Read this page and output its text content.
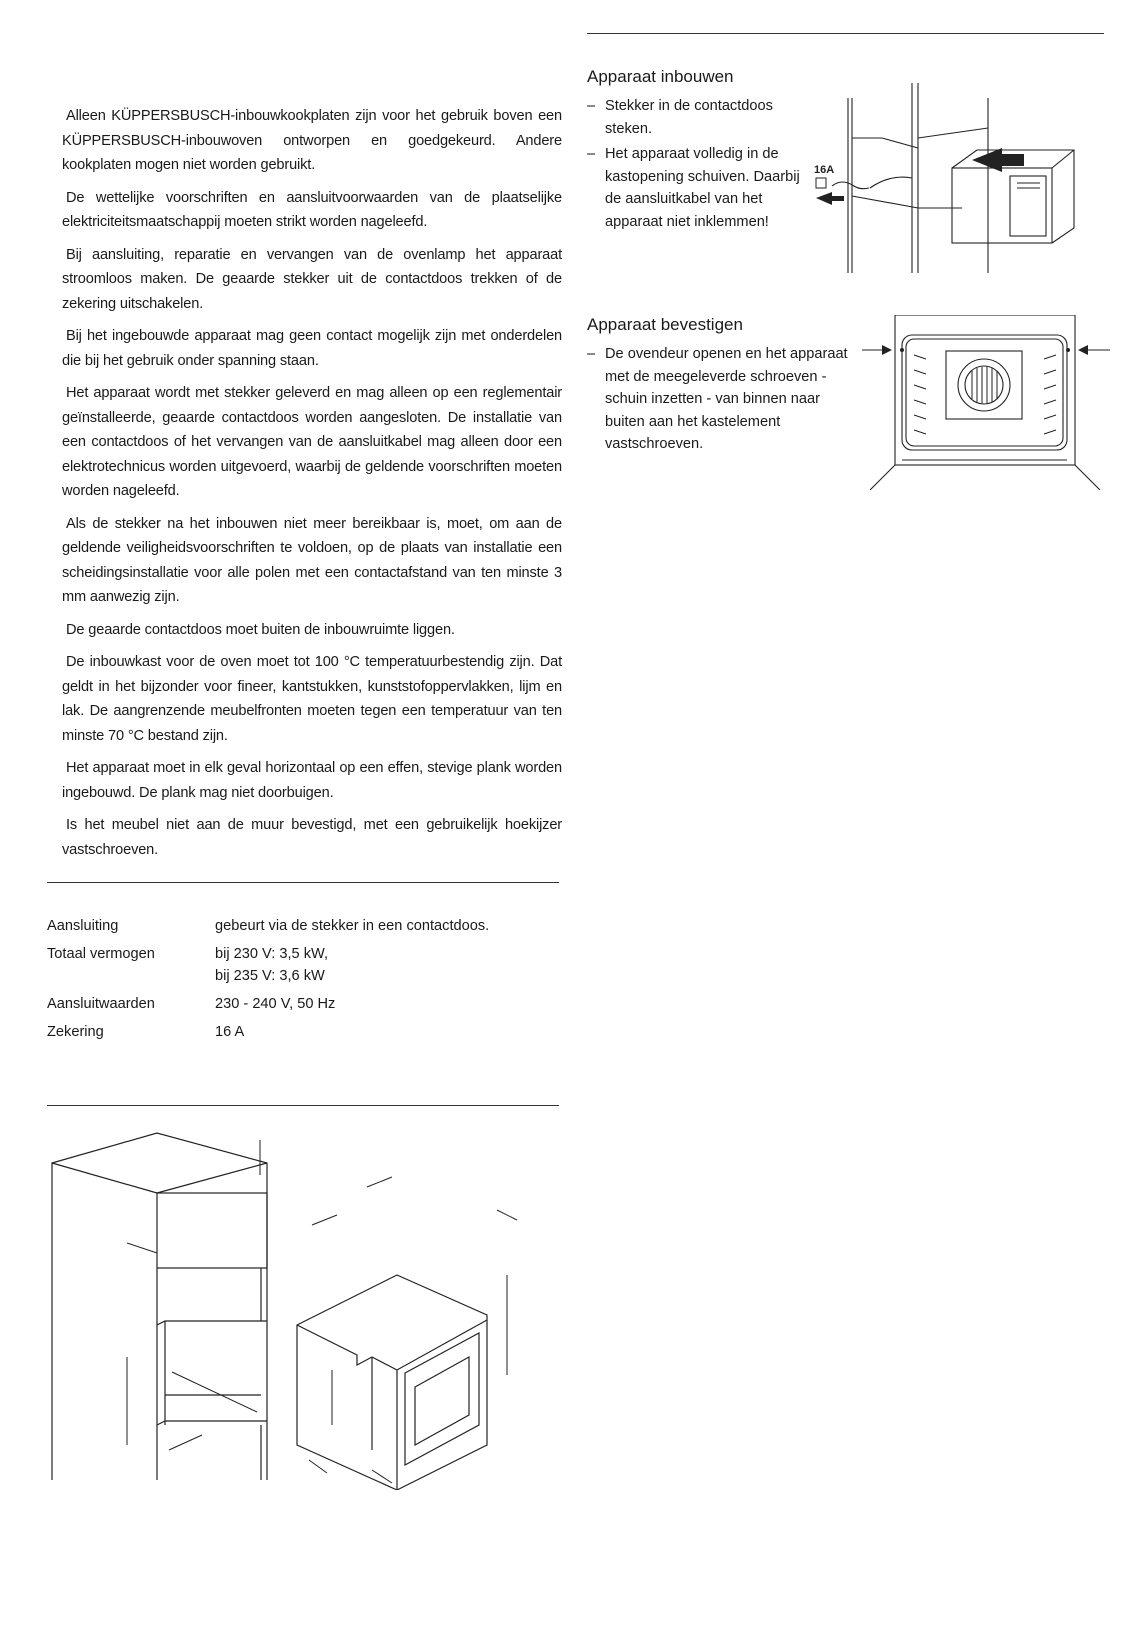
Alleen KÜPPERSBUSCH-inbouwkookplaten zijn voor het gebruik boven een KÜPPERSBUSCH-inbouwoven ontworpen en goedgekeurd. Andere kookplaten mogen niet worden gebruikt.

De wettelijke voorschriften en aansluitvoorwaarden van de plaatselijke elektriciteitsmaatschappij moeten strikt worden nageleefd.

Bij aansluiting, reparatie en vervangen van de ovenlamp het apparaat stroomloos maken. De geaarde stekker uit de contactdoos trekken of de zekering uitschakelen.

Bij het ingebouwde apparaat mag geen contact mogelijk zijn met onderdelen die bij het gebruik onder spanning staan.

Het apparaat wordt met stekker geleverd en mag alleen op een reglementair geïnstalleerde, geaarde contactdoos worden aangesloten. De installatie van een contactdoos of het vervangen van de aansluitkabel mag alleen door een elektrotechnicus worden uitgevoerd, waarbij de geldende voorschriften moeten worden nageleefd.

Als de stekker na het inbouwen niet meer bereikbaar is, moet, om aan de geldende veiligheidsvoorschriften te voldoen, op de plaats van installatie een scheidingsinstallatie voor alle polen met een contactafstand van ten minste 3 mm aanwezig zijn.

De geaarde contactdoos moet buiten de inbouwruimte liggen.

De inbouwkast voor de oven moet tot 100 °C temperatuurbestendig zijn. Dat geldt in het bijzonder voor fineer, kantstukken, kunststofoppervlakken, lijm en lak. De aangrenzende meubelfronten moeten tegen een temperatuur van ten minste 70 °C bestand zijn.

Het apparaat moet in elk geval horizontaal op een effen, stevige plank worden ingebouwd. De plank mag niet doorbuigen.

Is het meubel niet aan de muur bevestigd, met een gebruikelijk hoekijzer vastschroeven.

Aansluiting	gebeurt via de stekker in een contactdoos.
Totaal vermogen	bij 230 V: 3,5 kW,
bij 235 V: 3,6 kW

Aansluitwaarden	230 - 240 V, 50 Hz
Zekering	16 A
Apparaat inbouwen
– Stekker in de contactdoos steken.
– Het apparaat volledig in de kastopening schuiven. Daarbij de aansluitkabel van het apparaat niet inklemmen!
16A
Apparaat bevestigen
– De ovendeur openen en het apparaat met de meegeleverde schroeven - schuin inzetten - van binnen naar buiten aan het kastelement vastschroeven.
